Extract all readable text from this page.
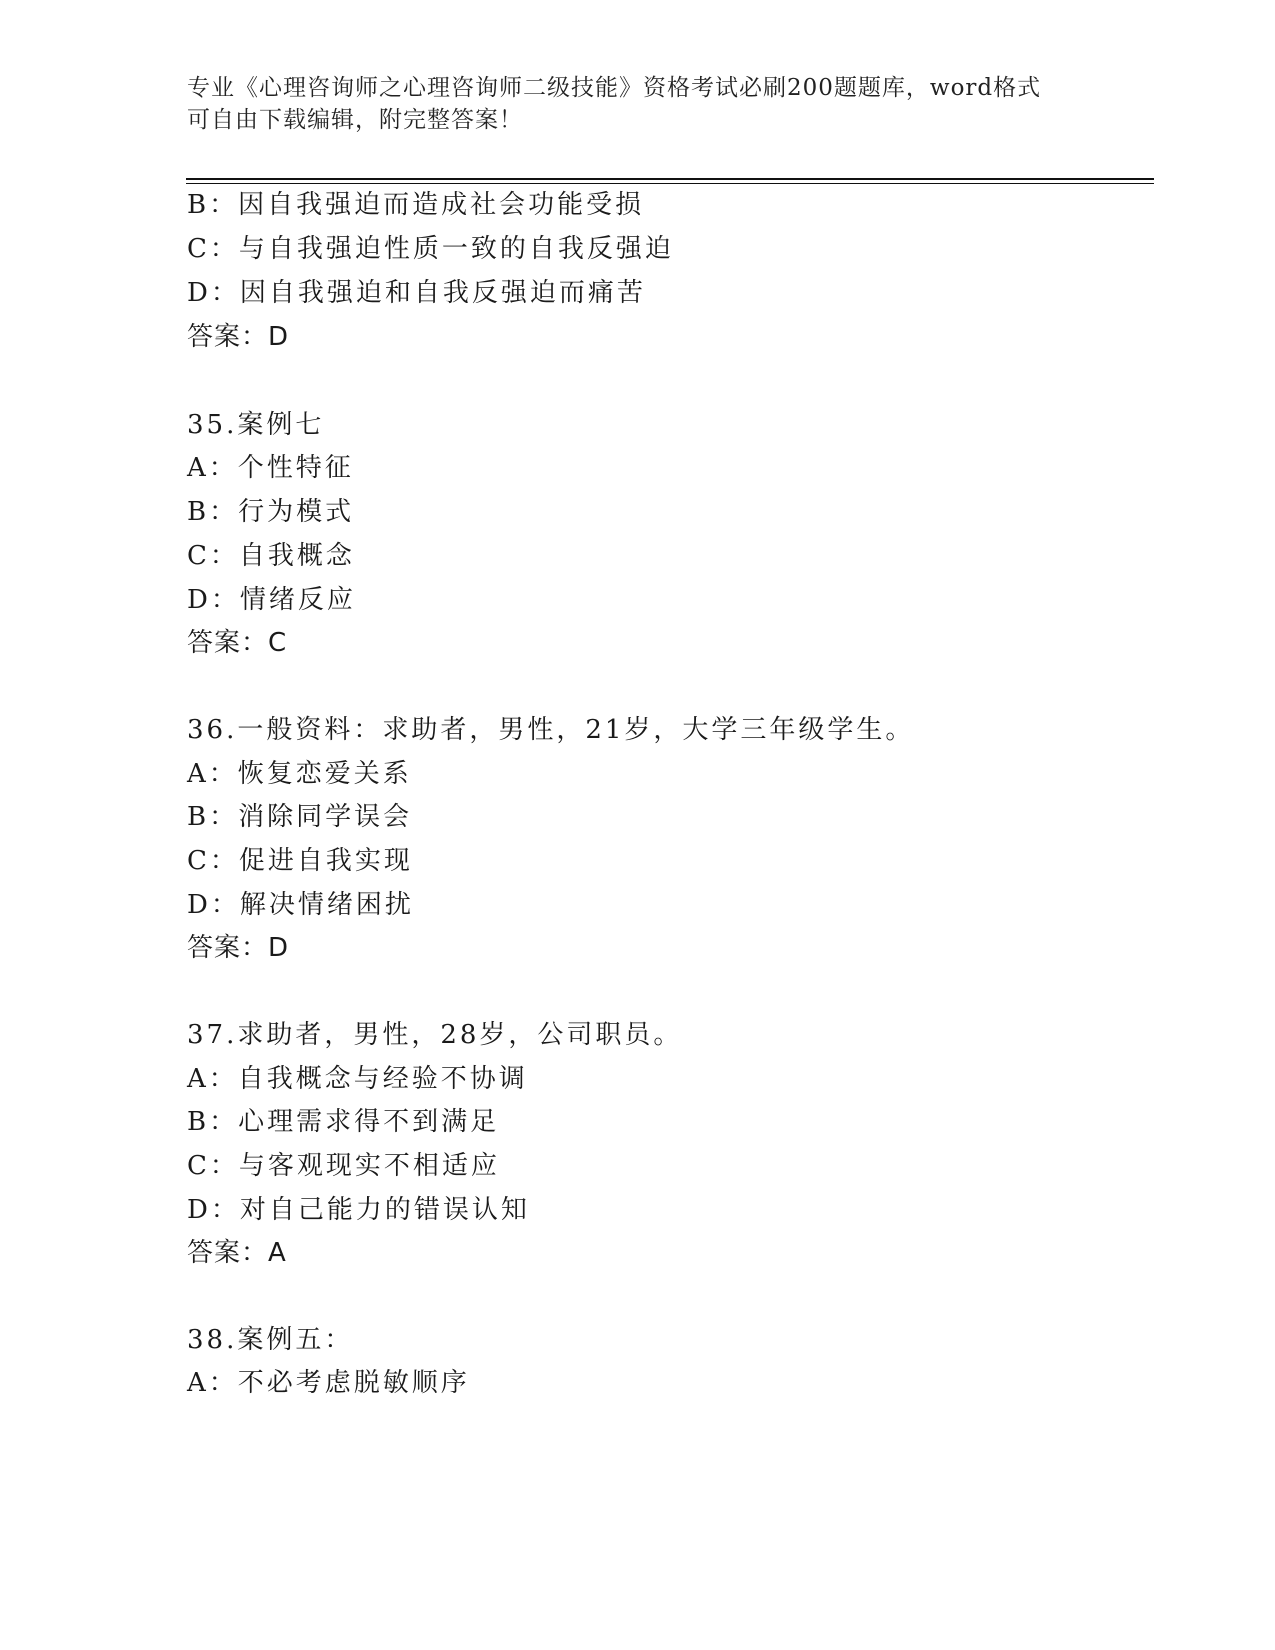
专业《心理咨询师之心理咨询师二级技能》资格考试必刷200题题库，word格式
可自由下载编辑，附完整答案！
B：因自我强迫而造成社会功能受损
C：与自我强迫性质一致的自我反强迫
D：因自我强迫和自我反强迫而痛苦
答案：D
35.案例七
A：个性特征
B：行为模式
C：自我概念
D：情绪反应
答案：C
36.一般资料：求助者，男性，21岁，大学三年级学生。
A：恢复恋爱关系
B：消除同学误会
C：促进自我实现
D：解决情绪困扰
答案：D
37.求助者，男性，28岁，公司职员。
A：自我概念与经验不协调
B：心理需求得不到满足
C：与客观现实不相适应
D：对自己能力的错误认知
答案：A
38.案例五：
A：不必考虑脱敏顺序
